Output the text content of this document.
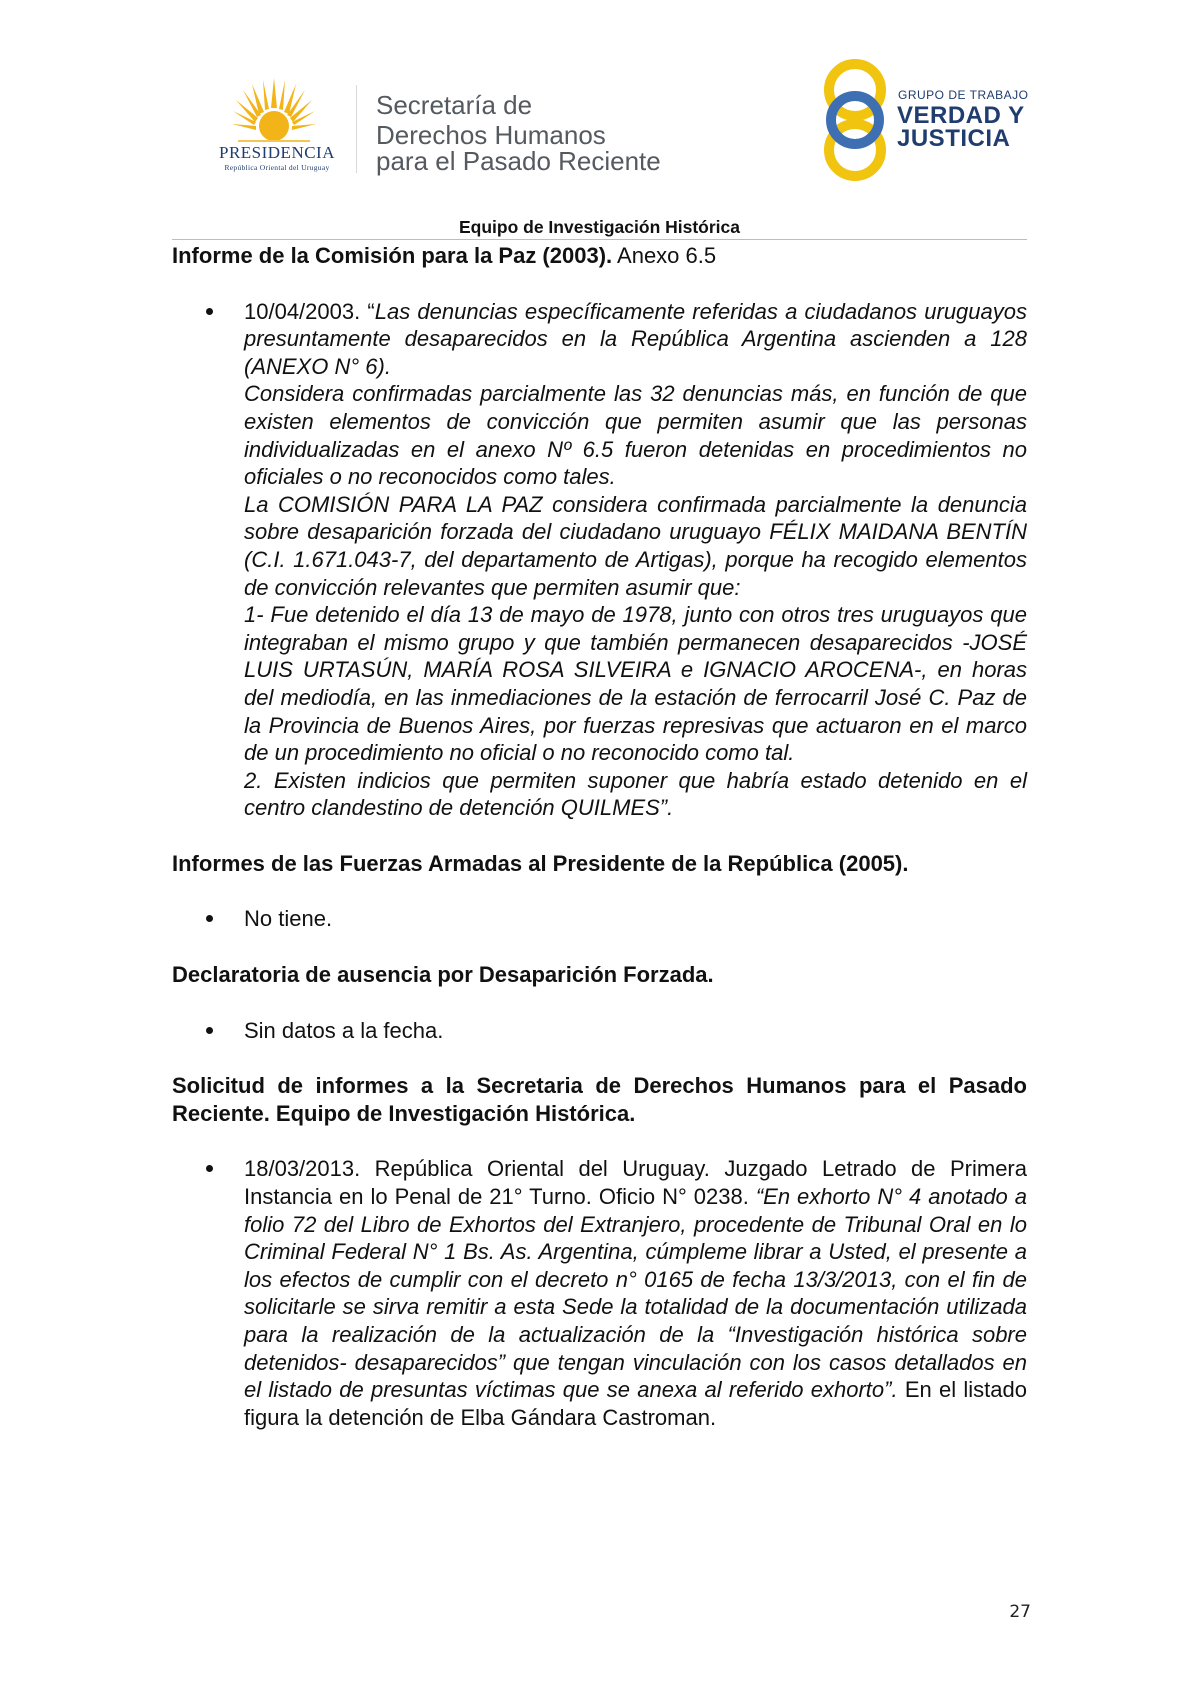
PRESIDENCIA
República Oriental del Uruguay
Secretaría de
Derechos Humanos
para el Pasado Reciente
GRUPO DE TRABAJO
VERDAD Y
JUSTICIA
Equipo de Investigación Histórica

Informe de la Comisión para la Paz (2003). Anexo 6.5

10/04/2003. “Las denuncias específicamente referidas a ciudadanos uruguayos presuntamente desaparecidos en la República Argentina ascienden a 128 (ANEXO N° 6).

Considera confirmadas parcialmente las 32 denuncias más, en función de que existen elementos de convicción que permiten asumir que las personas individualizadas en el anexo Nº 6.5 fueron detenidas en procedimientos no oficiales o no reconocidos como tales.

La COMISIÓN PARA LA PAZ considera confirmada parcialmente la denuncia sobre desaparición forzada del ciudadano uruguayo FÉLIX MAIDANA BENTÍN (C.I. 1.671.043-7, del departamento de Artigas), porque ha recogido elementos de convicción relevantes que permiten asumir que:

1- Fue detenido el día 13 de mayo de 1978, junto con otros tres uruguayos que integraban el mismo grupo y que también permanecen desaparecidos -JOSÉ LUIS URTASÚN, MARÍA ROSA SILVEIRA e IGNACIO AROCENA-, en horas del mediodía, en las inmediaciones de la estación de ferrocarril José C. Paz de la Provincia de Buenos Aires, por fuerzas represivas que actuaron en el marco de un procedimiento no oficial o no reconocido como tal.

2. Existen indicios que permiten suponer que habría estado detenido en el centro clandestino de detención QUILMES”.

Informes de las Fuerzas Armadas al Presidente de la República (2005).

No tiene.

Declaratoria de ausencia por Desaparición Forzada.

Sin datos a la fecha.

Solicitud de informes a la Secretaria de Derechos Humanos para el Pasado Reciente. Equipo de Investigación Histórica.

18/03/2013. República Oriental del Uruguay. Juzgado Letrado de Primera Instancia en lo Penal de 21° Turno. Oficio N° 0238. “En exhorto N° 4 anotado a folio 72 del Libro de Exhortos del Extranjero, procedente de Tribunal Oral en lo Criminal Federal N° 1 Bs. As. Argentina, cúmpleme librar a Usted, el presente a los efectos de cumplir con el decreto n° 0165 de fecha 13/3/2013, con el fin de solicitarle se sirva remitir a esta Sede la totalidad de la documentación utilizada para la realización de la actualización de la “Investigación histórica sobre detenidos- desaparecidos” que tengan vinculación con los casos detallados en el listado de presuntas víctimas que se anexa al referido exhorto”. En el listado figura la detención de Elba Gándara Castroman.

27
